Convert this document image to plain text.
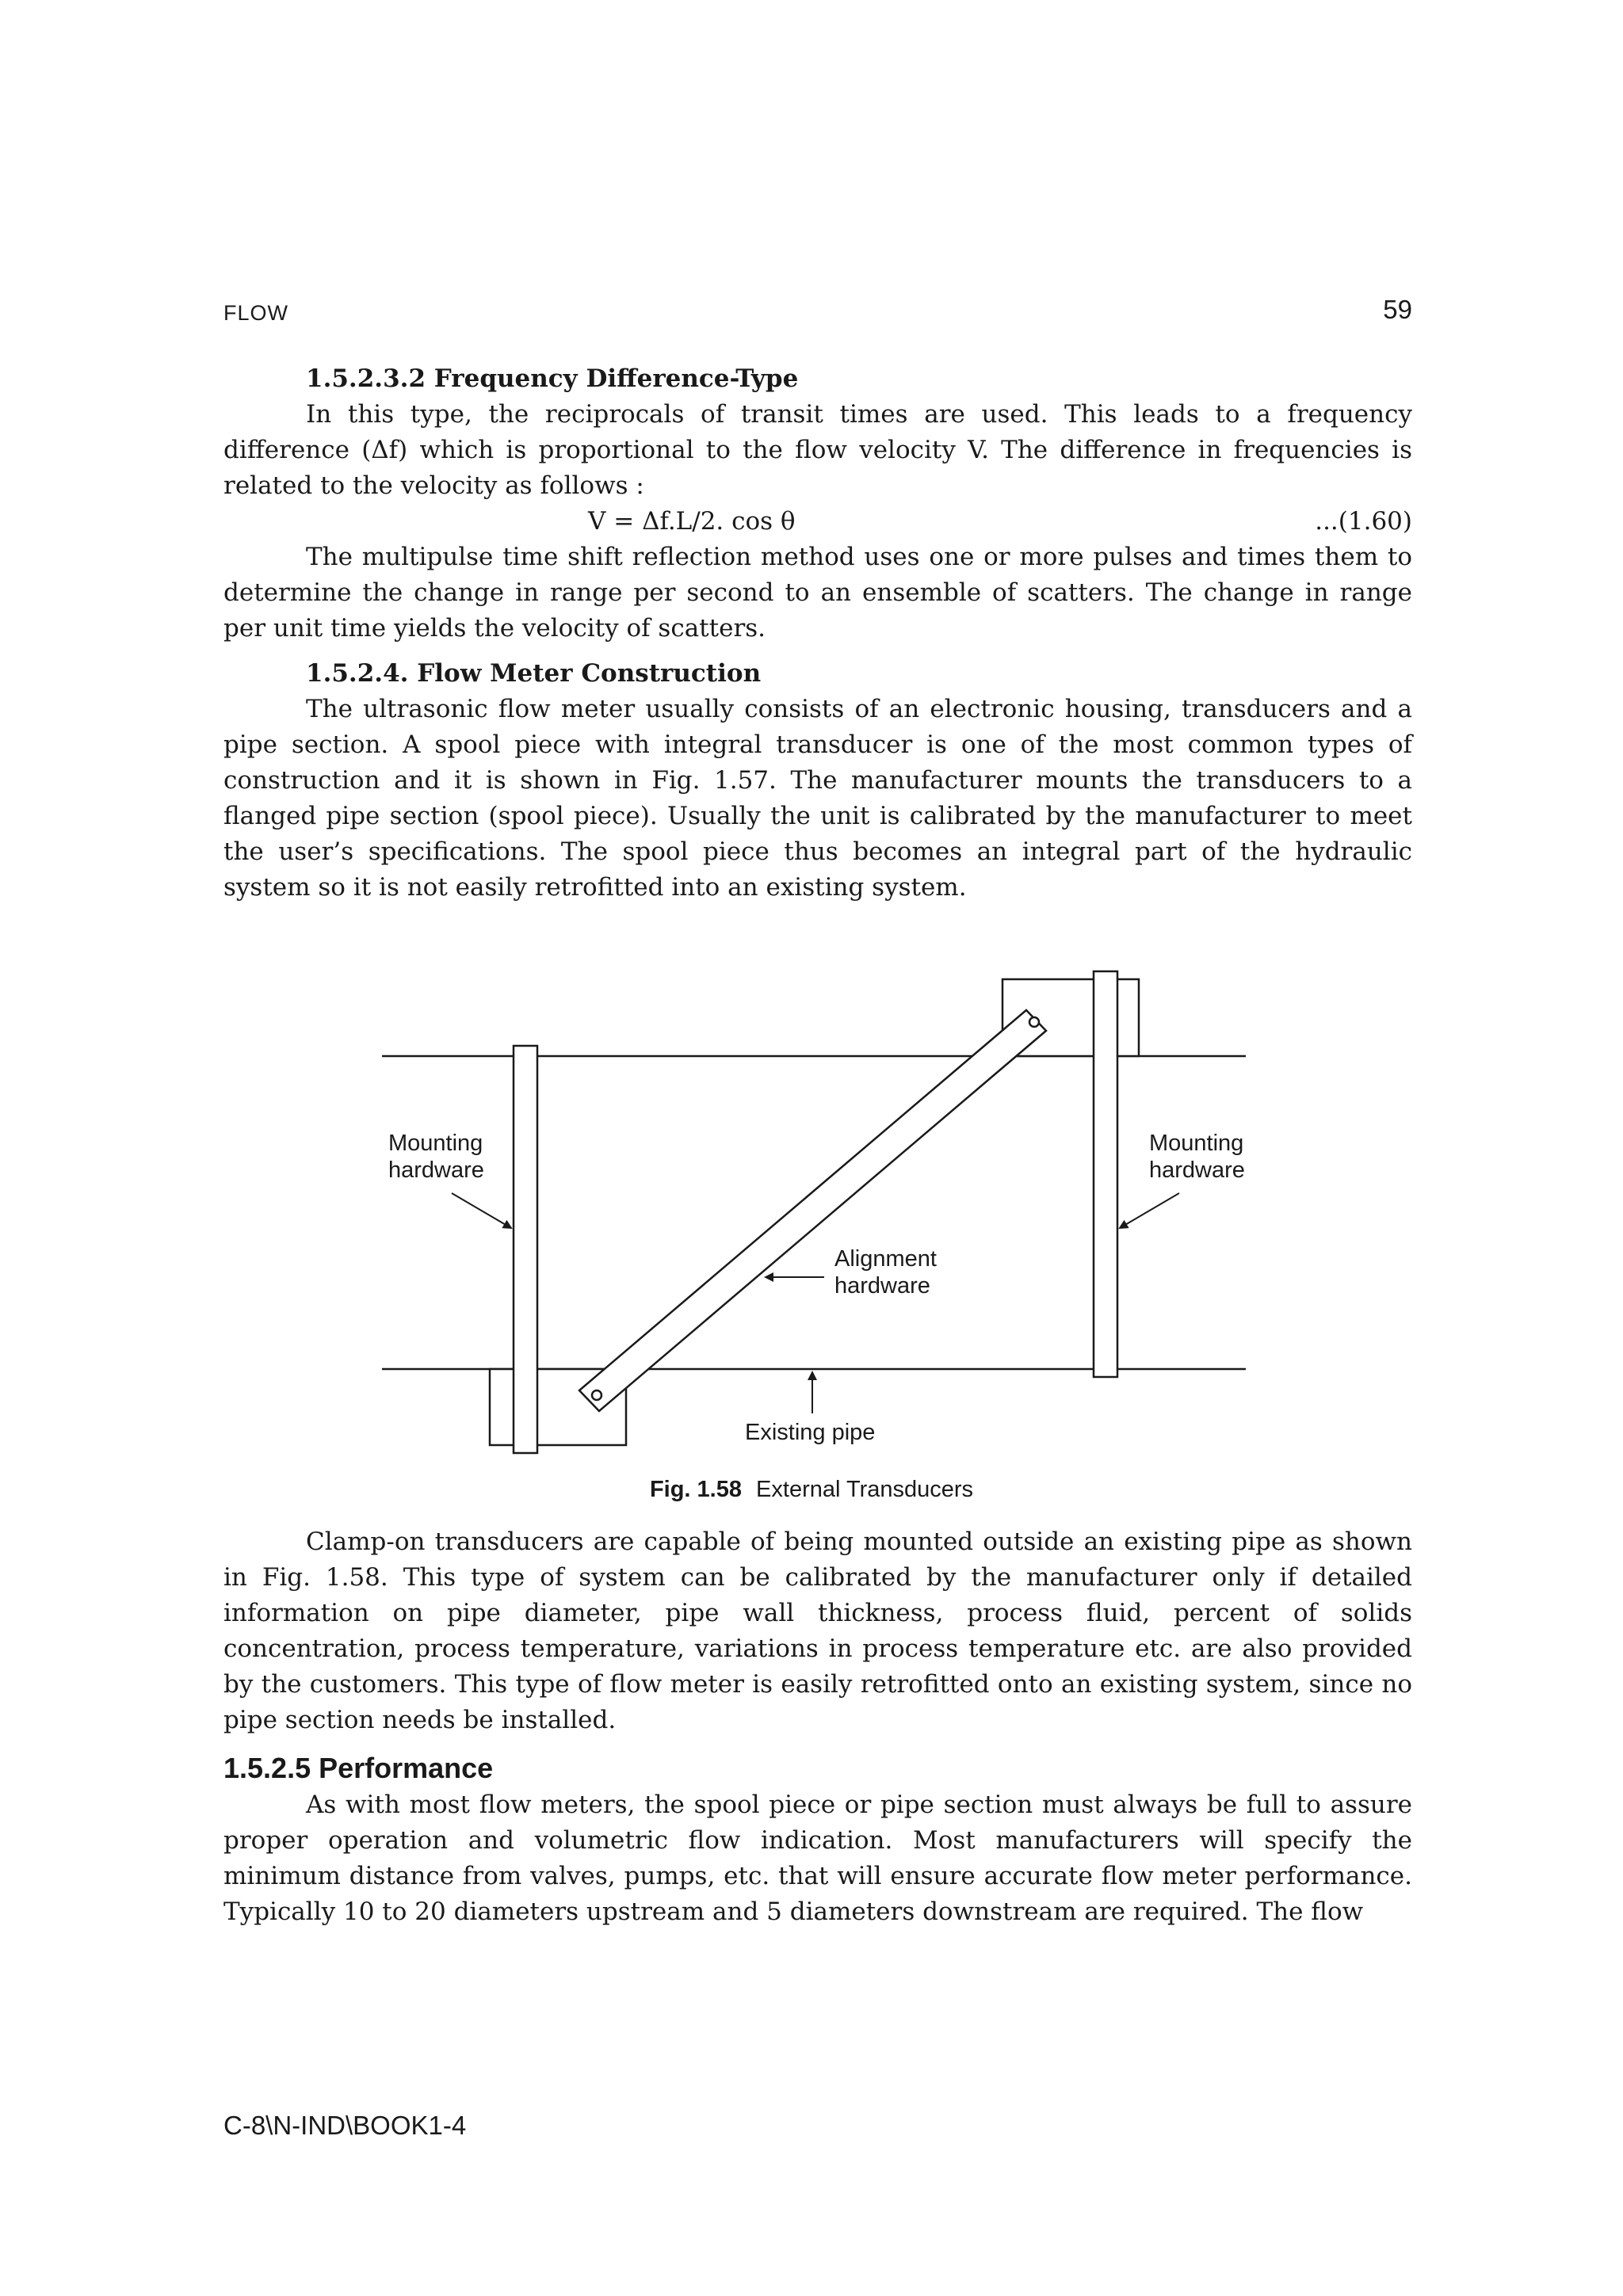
FLOW	59

1.5.2.3.2 Frequency Difference-Type

In this type, the reciprocals of transit times are used. This leads to a frequency difference (Δf) which is proportional to the flow velocity V. The difference in frequencies is related to the velocity as follows :

V = Δf.L/2. cos θ	...(1.60)

The multipulse time shift reflection method uses one or more pulses and times them to determine the change in range per second to an ensemble of scatters. The change in range per unit time yields the velocity of scatters.

1.5.2.4. Flow Meter Construction

The ultrasonic flow meter usually consists of an electronic housing, transducers and a pipe section. A spool piece with integral transducer is one of the most common types of construction and it is shown in Fig. 1.57. The manufacturer mounts the transducers to a flanged pipe section (spool piece). Usually the unit is calibrated by the manufacturer to meet the user’s specifications. The spool piece thus becomes an integral part of the hydraulic system so it is not easily retrofitted into an existing system.

Mounting
hardware
Mounting
hardware
Alignment
hardware
Existing pipe
Fig. 1.58 External Transducers

Clamp-on transducers are capable of being mounted outside an existing pipe as shown in Fig. 1.58. This type of system can be calibrated by the manufacturer only if detailed information on pipe diameter, pipe wall thickness, process fluid, percent of solids concentration, process temperature, variations in process temperature etc. are also provided by the customers. This type of flow meter is easily retrofitted onto an existing system, since no pipe section needs be installed.

1.5.2.5 Performance

As with most flow meters, the spool piece or pipe section must always be full to assure proper operation and volumetric flow indication. Most manufacturers will specify the minimum distance from valves, pumps, etc. that will ensure accurate flow meter performance. Typically 10 to 20 diameters upstream and 5 diameters downstream are required. The flow

C-8\N-IND\BOOK1-4
